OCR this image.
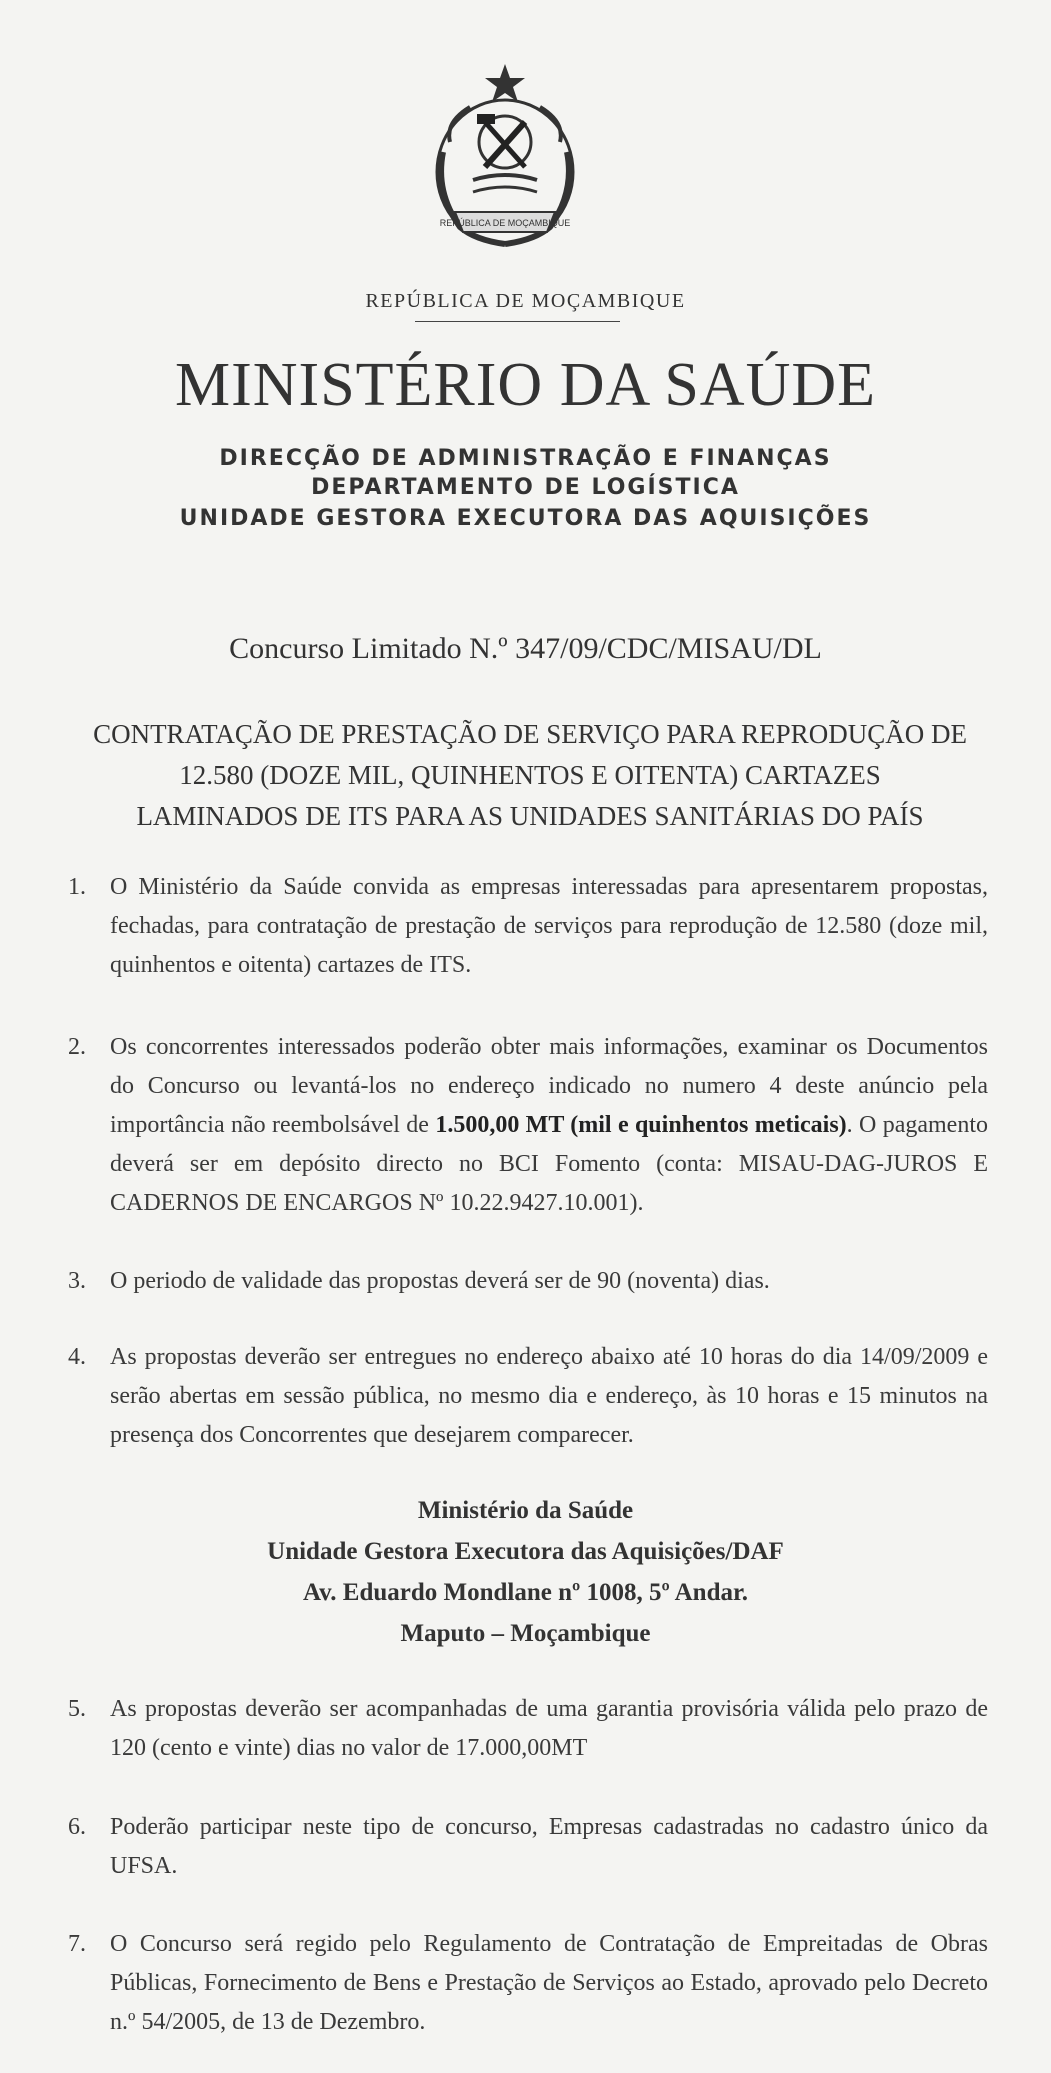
REPÚBLICA DE MOÇAMBIQUE
REPÚBLICA DE MOÇAMBIQUE
MINISTÉRIO DA SAÚDE
DIRECÇÃO DE ADMINISTRAÇÃO E FINANÇAS
DEPARTAMENTO DE LOGÍSTICA
UNIDADE GESTORA EXECUTORA DAS AQUISIÇÕES
Concurso Limitado N.º 347/09/CDC/MISAU/DL
CONTRATAÇÃO DE PRESTAÇÃO DE SERVIÇO PARA REPRODUÇÃO DE
12.580 (DOZE MIL, QUINHENTOS E OITENTA) CARTAZES
LAMINADOS DE ITS PARA AS UNIDADES SANITÁRIAS DO PAÍS
1.	O Ministério da Saúde convida as empresas interessadas para apresentarem propostas, fechadas, para contratação de prestação de serviços para reprodução de 12.580 (doze mil, quinhentos e oitenta) cartazes de ITS.
2.	Os concorrentes interessados poderão obter mais informações, examinar os Documentos do Concurso ou levantá-los no endereço indicado no numero 4 deste anúncio pela importância não reembolsável de 1.500,00 MT (mil e quinhentos meticais). O pagamento deverá ser em depósito directo no BCI Fomento (conta: MISAU-DAG-JUROS E CADERNOS DE ENCARGOS Nº 10.22.9427.10.001).
3.	O periodo de validade das propostas deverá ser de 90 (noventa) dias.
4.	As propostas deverão ser entregues no endereço abaixo até 10 horas do dia 14/09/2009 e serão abertas em sessão pública, no mesmo dia e endereço, às 10 horas e 15 minutos na presença dos Concorrentes que desejarem comparecer.
Ministério da Saúde
Unidade Gestora Executora das Aquisições/DAF
Av. Eduardo Mondlane nº 1008, 5º Andar.
Maputo – Moçambique
5.	As propostas deverão ser acompanhadas de uma garantia provisória válida pelo prazo de 120 (cento e vinte) dias no valor de 17.000,00MT
6.	Poderão participar neste tipo de concurso, Empresas cadastradas no cadastro único da UFSA.
7.	O Concurso será regido pelo Regulamento de Contratação de Empreitadas de Obras Públicas, Fornecimento de Bens e Prestação de Serviços ao Estado, aprovado pelo Decreto n.º 54/2005, de 13 de Dezembro.
